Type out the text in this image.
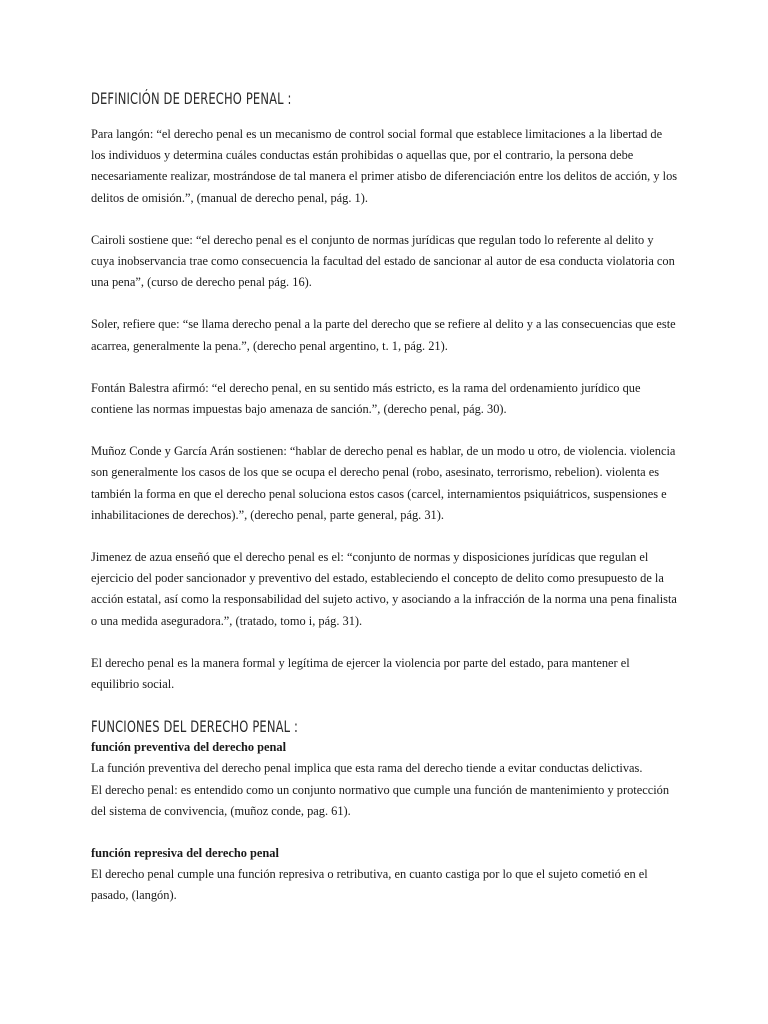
DEFINICIÓN DE DERECHO PENAL :

Para langón: “el derecho penal es un mecanismo de control social formal que establece limitaciones a la libertad de los individuos y determina cuáles conductas están prohibidas o aquellas que, por el contrario, la persona debe necesariamente realizar, mostrándose de tal manera el primer atisbo de diferenciación entre los delitos de acción, y los delitos de omisión.”, (manual de derecho penal, pág. 1).

Cairoli sostiene que: “el derecho penal es el conjunto de normas jurídicas que regulan todo lo referente al delito y cuya inobservancia trae como consecuencia la facultad del estado de sancionar al autor de esa conducta violatoria con una pena”, (curso de derecho penal pág. 16).

Soler, refiere que: “se llama derecho penal a la parte del derecho que se refiere al delito y a las consecuencias que este acarrea, generalmente la pena.”, (derecho penal argentino, t. 1, pág. 21).

Fontán Balestra afirmó: “el derecho penal, en su sentido más estricto, es la rama del ordenamiento jurídico que contiene las normas impuestas bajo amenaza de sanción.”, (derecho penal, pág. 30).

Muñoz Conde y García Arán sostienen: “hablar de derecho penal es hablar, de un modo u otro, de violencia. violencia son generalmente los casos de los que se ocupa el derecho penal (robo, asesinato, terrorismo, rebelion). violenta es también la forma en que el derecho penal soluciona estos casos (carcel, internamientos psiquiátricos, suspensiones e inhabilitaciones de derechos).”, (derecho penal, parte general, pág. 31).

Jimenez de azua enseñó que el derecho penal es el: “conjunto de normas y disposiciones jurídicas que regulan el ejercicio del poder sancionador y preventivo del estado, estableciendo el concepto de delito como presupuesto de la acción estatal, así como la responsabilidad del sujeto activo, y asociando a la infracción de la norma una pena finalista o una medida aseguradora.”, (tratado, tomo i, pág. 31).

El derecho penal es la manera formal y legítima de ejercer la violencia por parte del estado, para mantener el equilibrio social.

FUNCIONES DEL DERECHO PENAL :

función preventiva del derecho penal

La función preventiva del derecho penal implica que esta rama del derecho tiende a evitar conductas delictivas.

El derecho penal: es entendido como un conjunto normativo que cumple una función de mantenimiento y protección del sistema de convivencia, (muñoz conde, pag. 61).

función represiva del derecho penal

El derecho penal cumple una función represiva o retributiva, en cuanto castiga por lo que el sujeto cometió en el pasado, (langón).
